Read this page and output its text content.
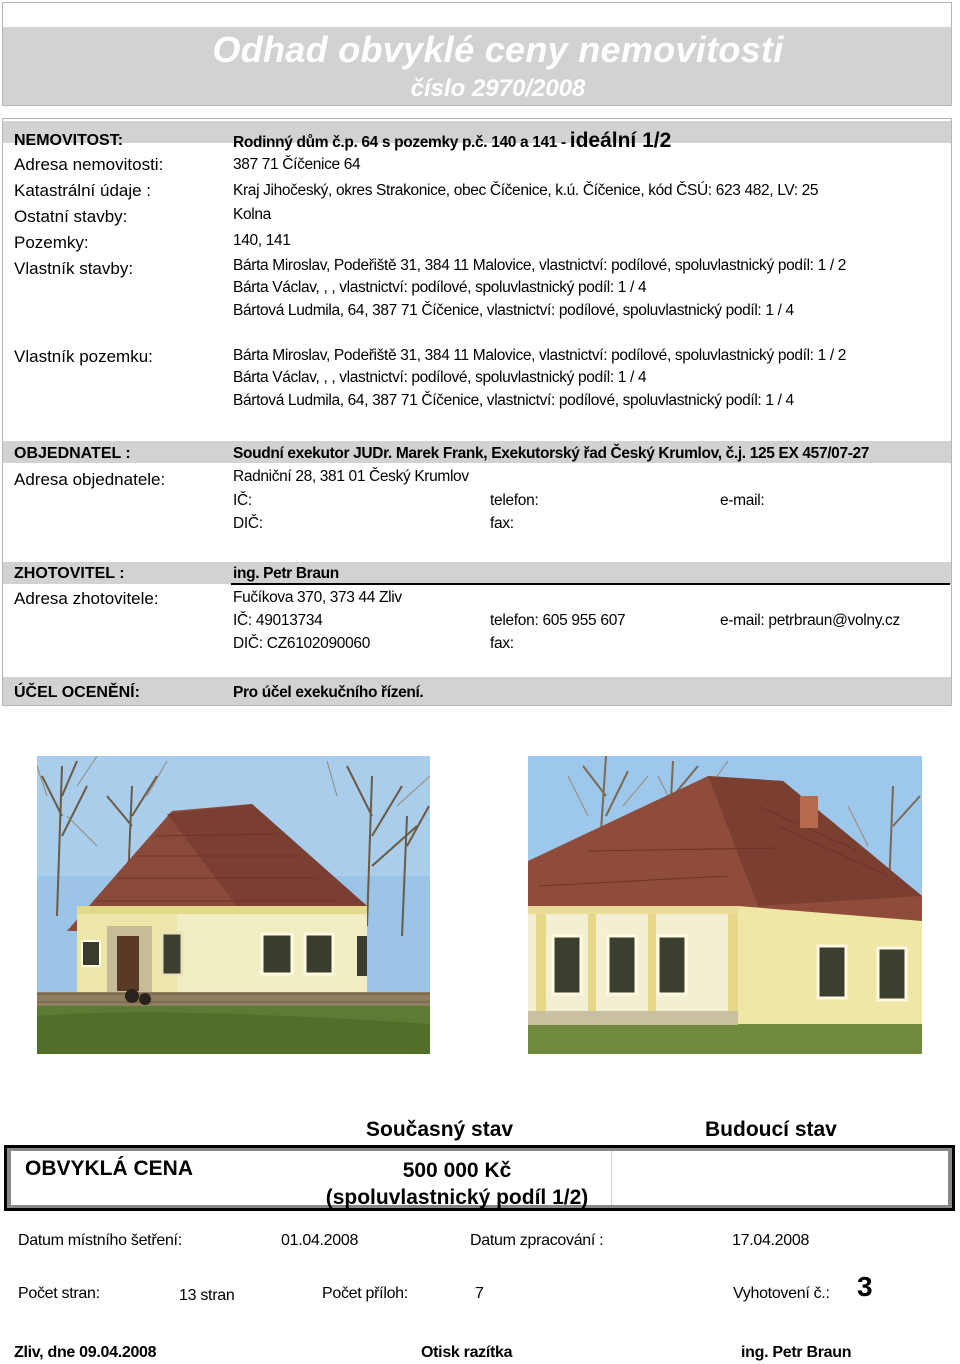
Odhad obvyklé ceny nemovitosti
číslo 2970/2008
NEMOVITOST:	Rodinný dům č.p. 64 s pozemky p.č. 140 a 141 - ideální 1/2
Adresa nemovitosti:	387 71 Číčenice 64
Katastrální údaje :	Kraj Jihočeský, okres Strakonice, obec Číčenice, k.ú. Číčenice, kód ČSÚ: 623 482, LV: 25
Ostatní stavby:	Kolna
Pozemky:	140, 141
Vlastník stavby:	Bárta Miroslav, Podeřiště 31, 384 11 Malovice, vlastnictví: podílové, spoluvlastnický podíl: 1 / 2
Bárta Václav, , , vlastnictví: podílové, spoluvlastnický podíl: 1 / 4
Bártová Ludmila, 64, 387 71 Číčenice, vlastnictví: podílové, spoluvlastnický podíl: 1 / 4
Vlastník pozemku:	Bárta Miroslav, Podeřiště 31, 384 11 Malovice, vlastnictví: podílové, spoluvlastnický podíl: 1 / 2
Bárta Václav, , , vlastnictví: podílové, spoluvlastnický podíl: 1 / 4
Bártová Ludmila, 64, 387 71 Číčenice, vlastnictví: podílové, spoluvlastnický podíl: 1 / 4
OBJEDNATEL :	Soudní exekutor JUDr. Marek Frank, Exekutorský řad Český Krumlov, č.j. 125 EX 457/07-27
Adresa objednatele:	Radniční 28, 381 01 Český Krumlov
IČ:	telefon:	e-mail:
DIČ:	fax:
ZHOTOVITEL :	ing. Petr Braun
Adresa zhotovitele:	Fučíkova 370, 373 44 Zliv
IČ: 49013734	telefon: 605 955 607	e-mail: petrbraun@volny.cz
DIČ: CZ6102090060	fax:
ÚČEL OCENĚNÍ:	Pro účel exekučního řízení.
Současný stav	Budoucí stav
OBVYKLÁ CENA	500 000 Kč
(spoluvlastnický podíl 1/2)
Datum místního šetření:	01.04.2008	Datum zpracování :	17.04.2008
Počet stran:	13 stran	Počet příloh:	7	Vyhotovení č.: 3
Zliv, dne 09.04.2008	Otisk razítka	ing. Petr Braun
